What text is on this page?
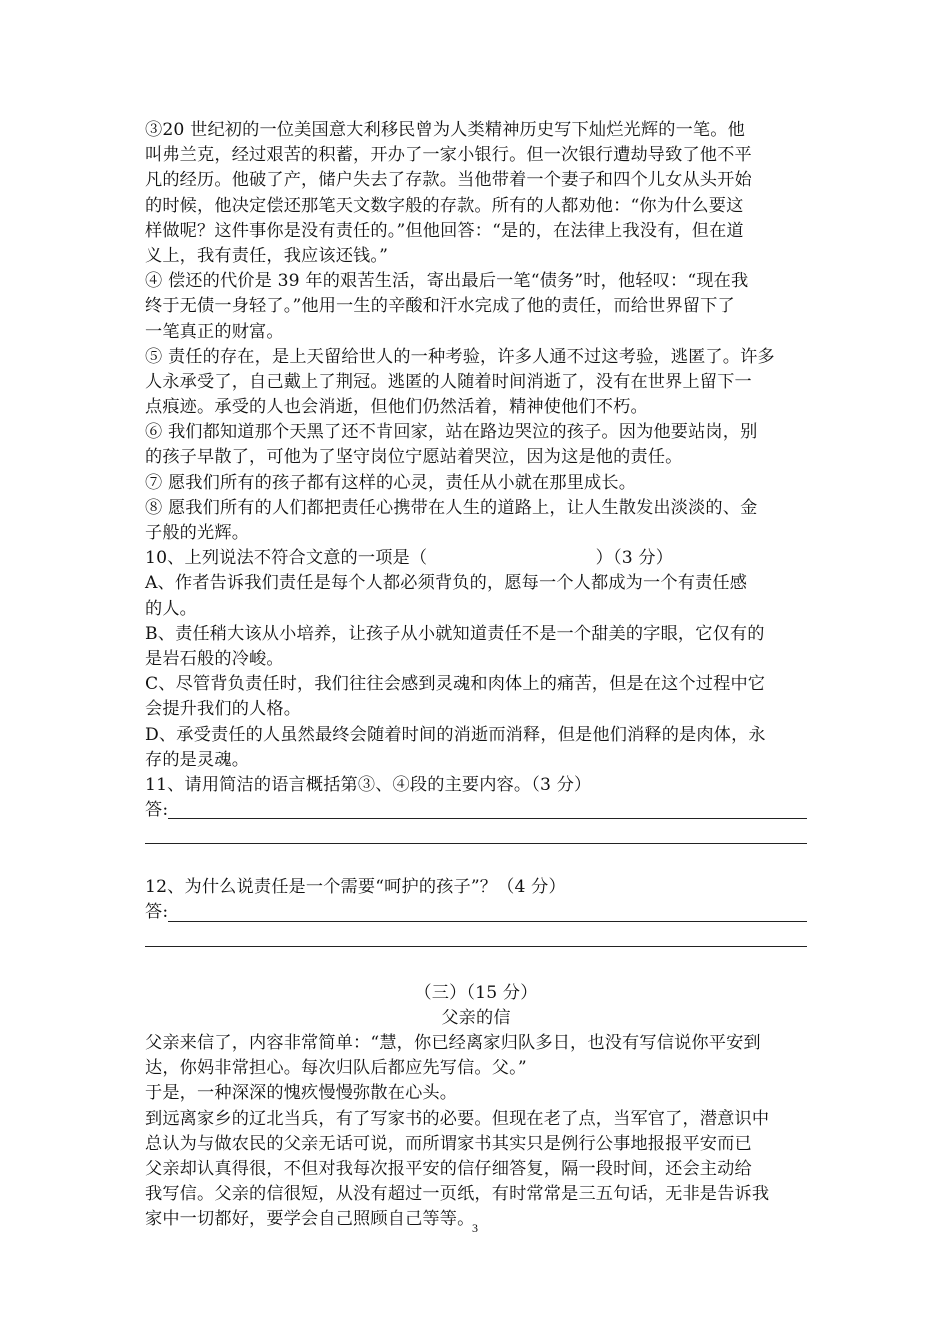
③20 世纪初的一位美国意大利移民曾为人类精神历史写下灿烂光辉的一笔。他
叫弗兰克，经过艰苦的积蓄，开办了一家小银行。但一次银行遭劫导致了他不平
凡的经历。他破了产，储户失去了存款。当他带着一个妻子和四个儿女从头开始
的时候，他决定偿还那笔天文数字般的存款。所有的人都劝他：“你为什么要这
样做呢？这件事你是没有责任的。”但他回答：“是的，在法律上我没有，但在道
义上，我有责任，我应该还钱。”
④ 偿还的代价是 39 年的艰苦生活，寄出最后一笔“债务”时，他轻叹：“现在我
终于无债一身轻了。”他用一生的辛酸和汗水完成了他的责任，而给世界留下了
一笔真正的财富。
⑤ 责任的存在，是上天留给世人的一种考验，许多人通不过这考验，逃匿了。许多
人永承受了，自己戴上了荆冠。逃匿的人随着时间消逝了，没有在世界上留下一
点痕迹。承受的人也会消逝，但他们仍然活着，精神使他们不朽。
⑥ 我们都知道那个天黑了还不肯回家，站在路边哭泣的孩子。因为他要站岗，别
的孩子早散了，可他为了坚守岗位宁愿站着哭泣，因为这是他的责任。
⑦ 愿我们所有的孩子都有这样的心灵，责任从小就在那里成长。
⑧ 愿我们所有的人们都把责任心携带在人生的道路上，让人生散发出淡淡的、金
子般的光辉。
10、上列说法不符合文意的一项是（                              ）（3 分）
A、作者告诉我们责任是每个人都必须背负的，愿每一个人都成为一个有责任感
的人。
B、责任稍大该从小培养，让孩子从小就知道责任不是一个甜美的字眼，它仅有的
是岩石般的冷峻。
C、尽管背负责任时，我们往往会感到灵魂和肉体上的痛苦，但是在这个过程中它
会提升我们的人格。
D、承受责任的人虽然最终会随着时间的消逝而消释，但是他们消释的是肉体，永
存的是灵魂。
11、请用简洁的语言概括第③、④段的主要内容。（3 分）
答:
12、为什么说责任是一个需要“呵护的孩子”？（4 分）
答:
（三）（15 分）
父亲的信
父亲来信了，内容非常简单：“慧，你已经离家归队多日，也没有写信说你平安到
达，你妈非常担心。每次归队后都应先写信。父。”
于是，一种深深的愧疚慢慢弥散在心头。
到远离家乡的辽北当兵，有了写家书的必要。但现在老了点，当军官了，潜意识中
总认为与做农民的父亲无话可说，而所谓家书其实只是例行公事地报报平安而已
父亲却认真得很，不但对我每次报平安的信仔细答复，隔一段时间，还会主动给
我写信。父亲的信很短，从没有超过一页纸，有时常常是三五句话，无非是告诉我
家中一切都好，要学会自己照顾自己等等。
3
